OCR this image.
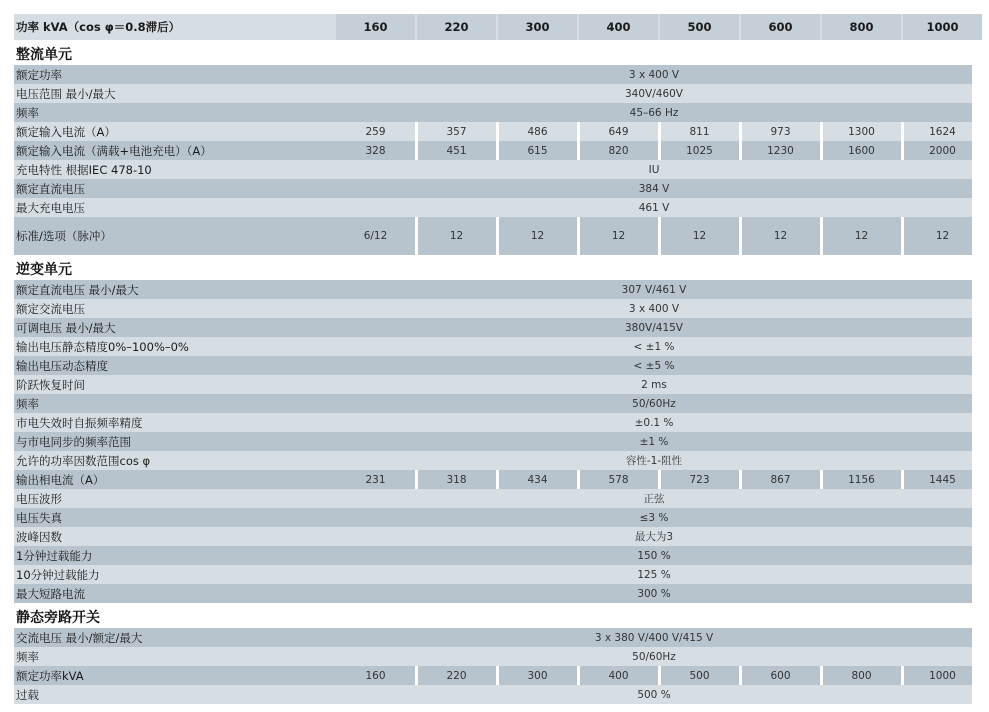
功率 kVA（cos φ＝0.8滞后）	160	220	300	400	500	600	800	1000
整流单元
额定功率	3 x 400 V
电压范围 最小/最大	340V/460V
频率	45–66 Hz
额定输入电流（A）	259	357	486	649	811	973	1300	1624
额定输入电流（满载+电池充电）（A）	328	451	615	820	1025	1230	1600	2000
充电特性 根据IEC 478-10	IU
额定直流电压	384 V
最大充电电压	461 V
标准/选项（脉冲）	6/12	12	12	12	12	12	12	12
逆变单元
额定直流电压 最小/最大	307 V/461 V
额定交流电压	3 x 400 V
可调电压 最小/最大	380V/415V
输出电压静态精度0%–100%–0%	< ±1 %
输出电压动态精度	< ±5 %
阶跃恢复时间	2 ms
频率	50/60Hz
市电失效时自振频率精度	±0.1 %
与市电同步的频率范围	±1 %
允许的功率因数范围cos φ	容性-1-阻性
输出相电流（A）	231	318	434	578	723	867	1156	1445
电压波形	正弦
电压失真	≤3 %
波峰因数	最大为3
1分钟过载能力	150 %
10分钟过载能力	125 %
最大短路电流	300 %
静态旁路开关
交流电压 最小/额定/最大	3 x 380 V/400 V/415 V
频率	50/60Hz
额定功率kVA	160	220	300	400	500	600	800	1000
过载	500 %
